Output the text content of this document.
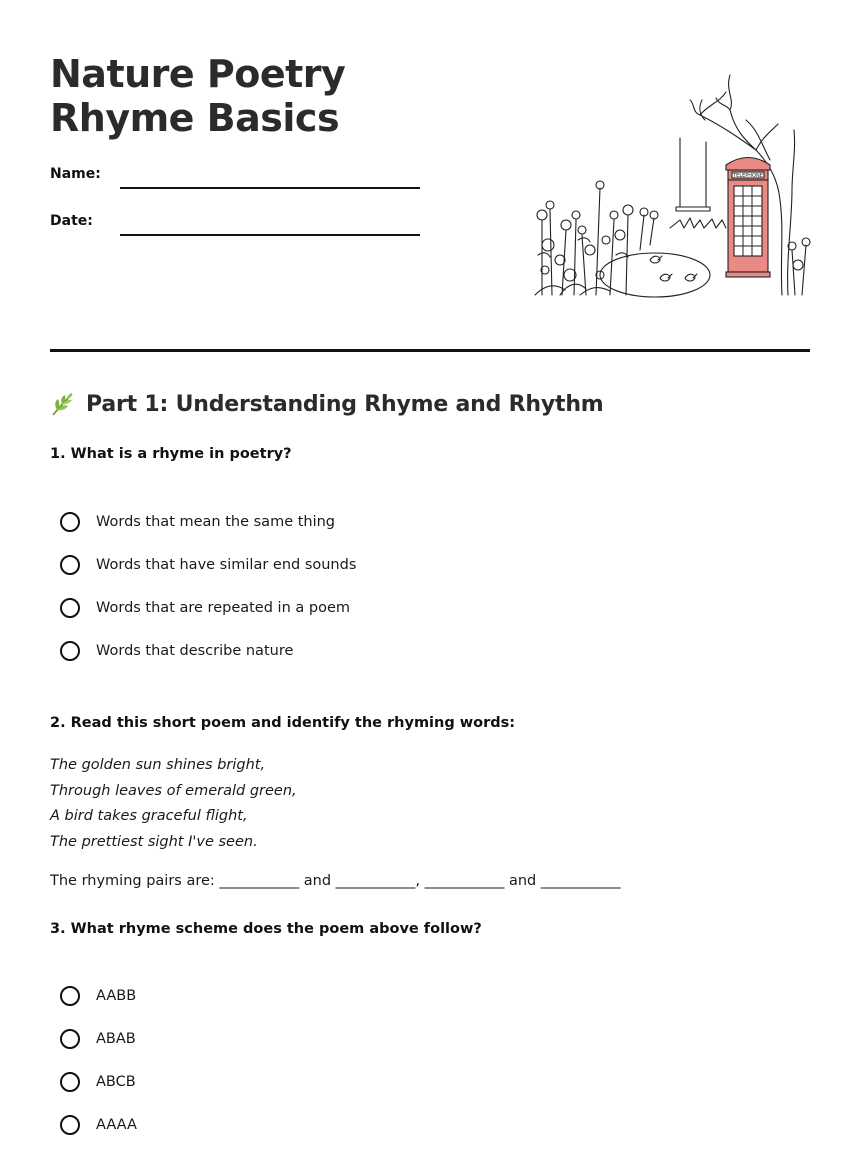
Nature Poetry Rhyme Basics
Name:
Date:
TELEPHONE
Part 1: Understanding Rhyme and Rhythm
1. What is a rhyme in poetry?
Words that mean the same thing
Words that have similar end sounds
Words that are repeated in a poem
Words that describe nature
2. Read this short poem and identify the rhyming words:
The golden sun shines bright,
Through leaves of emerald green,
A bird takes graceful flight,
The prettiest sight I've seen.
The rhyming pairs are: ___________ and ___________, ___________ and ___________
3. What rhyme scheme does the poem above follow?
AABB
ABAB
ABCB
AAAA
